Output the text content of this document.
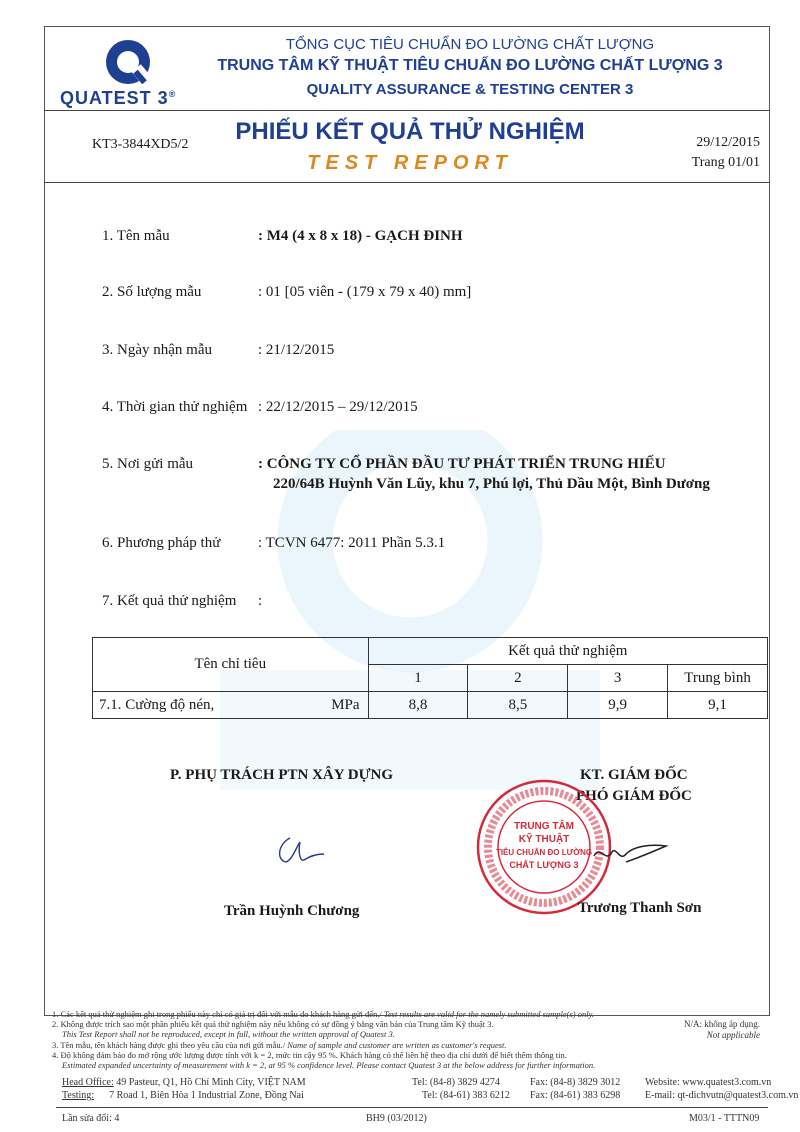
QUATEST 3®
TỔNG CỤC TIÊU CHUẨN ĐO LƯỜNG CHẤT LƯỢNG
TRUNG TÂM KỸ THUẬT TIÊU CHUẨN ĐO LƯỜNG CHẤT LƯỢNG 3
QUALITY ASSURANCE & TESTING CENTER 3
KT3-3844XD5/2	PHIẾU KẾT QUẢ THỬ NGHIỆM
TEST REPORT
29/12/2015
Trang 01/01
1. Tên mẫu	: M4 (4 x 8 x 18) - GẠCH ĐINH
2. Số lượng mẫu	: 01 [05 viên - (179 x 79 x 40) mm]
3. Ngày nhận mẫu	: 21/12/2015
4. Thời gian thử nghiệm : 22/12/2015 – 29/12/2015
5. Nơi gửi mẫu	: CÔNG TY CỔ PHẦN ĐẦU TƯ PHÁT TRIỂN TRUNG HIẾU
220/64B Huỳnh Văn Lũy, khu 7, Phú lợi, Thủ Dầu Một, Bình Dương
6. Phương pháp thử	: TCVN 6477: 2011 Phần 5.3.1
7. Kết quả thử nghiệm :
Tên chỉ tiêu	Kết quả thử nghiệm			
	1	2	3	Trung bình
7.1. Cường độ nén, MPa	8,8	8,5	9,9	9,1
P. PHỤ TRÁCH PTN XÂY DỰNG
Trần Huỳnh Chương
KT. GIÁM ĐỐC
PHÓ GIÁM ĐỐC
TRUNG TÂM
KỸ THUẬT
TIÊU CHUẨN ĐO LƯỜNG
CHẤT LƯỢNG 3
Trương Thanh Sơn
1. Các kết quả thử nghiệm ghi trong phiếu này chỉ có giá trị đối với mẫu do khách hàng gửi đến./ Test results are valid for the namely submitted sample(s) only.
2. Không được trích sao một phần phiếu kết quả thử nghiệm này nếu không có sự đồng ý bằng văn bản của Trung tâm Kỹ thuật 3.
This Test Report shall not be reproduced, except in full, without the written approval of Quatest 3.
3. Tên mẫu, tên khách hàng được ghi theo yêu cầu của nơi gửi mẫu./ Name of sample and customer are written as customer's request.
4. Độ không đảm bảo đo mở rộng ước lượng được tính với k = 2, mức tin cậy 95 %. Khách hàng có thể liên hệ theo địa chỉ dưới để biết thêm thông tin.
Estimated expanded uncertainty of measurement with k = 2, at 95 % confidence level. Please contact Quatest 3 at the below address for further information.
N/A: không áp dụng.
Not applicable
Head Office: 49 Pasteur, Q1, Hồ Chí Minh City, VIỆT NAM	Tel: (84-8) 3829 4274	Fax: (84-8) 3829 3012 Website: www.quatest3.com.vn
Testing: 7 Road 1, Biên Hòa 1 Industrial Zone, Đồng Nai	Tel: (84-61) 383 6212 Fax: (84-61) 383 6298 E-mail: qt-dichvutn@quatest3.com.vn
Lần sửa đổi: 4	BH9 (03/2012)	M03/1 - TTTN09
